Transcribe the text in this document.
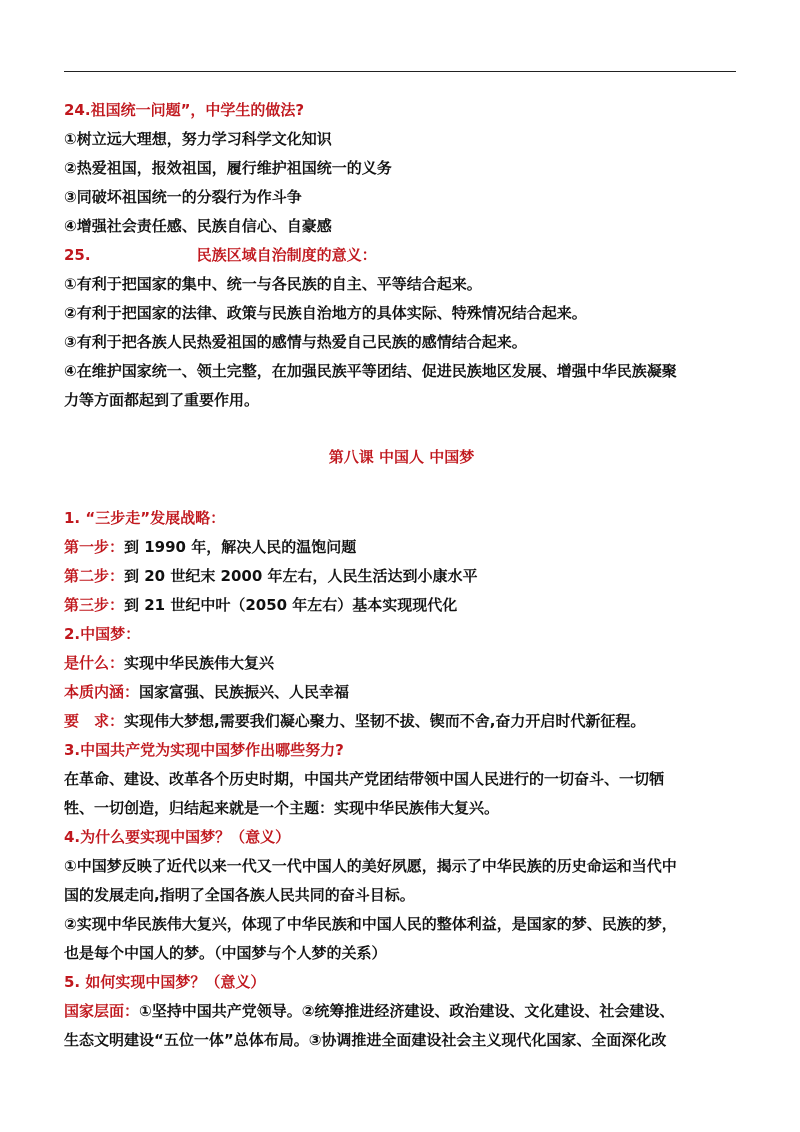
24.祖国统一问题”，中学生的做法?
①树立远大理想，努力学习科学文化知识
②热爱祖国，报效祖国，履行维护祖国统一的义务
③同破坏祖国统一的分裂行为作斗争
④增强社会责任感、民族自信心、自豪感
25.	民族区域自治制度的意义：
①有利于把国家的集中、统一与各民族的自主、平等结合起来。
②有利于把国家的法律、政策与民族自治地方的具体实际、特殊情况结合起来。
③有利于把各族人民热爱祖国的感情与热爱自己民族的感情结合起来。
④在维护国家统一、领土完整，在加强民族平等团结、促进民族地区发展、增强中华民族凝聚
力等方面都起到了重要作用。
第八课 中国人 中国梦
1. “三步走”发展战略：
第一步：到 1990 年，解决人民的温饱问题
第二步：到 20 世纪末 2000 年左右，人民生活达到小康水平
第三步：到 21 世纪中叶（2050 年左右）基本实现现代化
2.中国梦：
是什么：实现中华民族伟大复兴
本质内涵：国家富强、民族振兴、人民幸福
要　求：实现伟大梦想,需要我们凝心聚力、坚韧不拔、锲而不舍,奋力开启时代新征程。
3.中国共产党为实现中国梦作出哪些努力?
在革命、建设、改革各个历史时期，中国共产党团结带领中国人民进行的一切奋斗、一切牺
牲、一切创造，归结起来就是一个主题：实现中华民族伟大复兴。
4.为什么要实现中国梦？（意义）
①中国梦反映了近代以来一代又一代中国人的美好夙愿，揭示了中华民族的历史命运和当代中
国的发展走向,指明了全国各族人民共同的奋斗目标。
②实现中华民族伟大复兴，体现了中华民族和中国人民的整体利益，是国家的梦、民族的梦，
也是每个中国人的梦。（中国梦与个人梦的关系）
5. 如何实现中国梦？（意义）
国家层面：①坚持中国共产党领导。②统筹推进经济建设、政治建设、文化建设、社会建设、
生态文明建设“五位一体”总体布局。③协调推进全面建设社会主义现代化国家、全面深化改
